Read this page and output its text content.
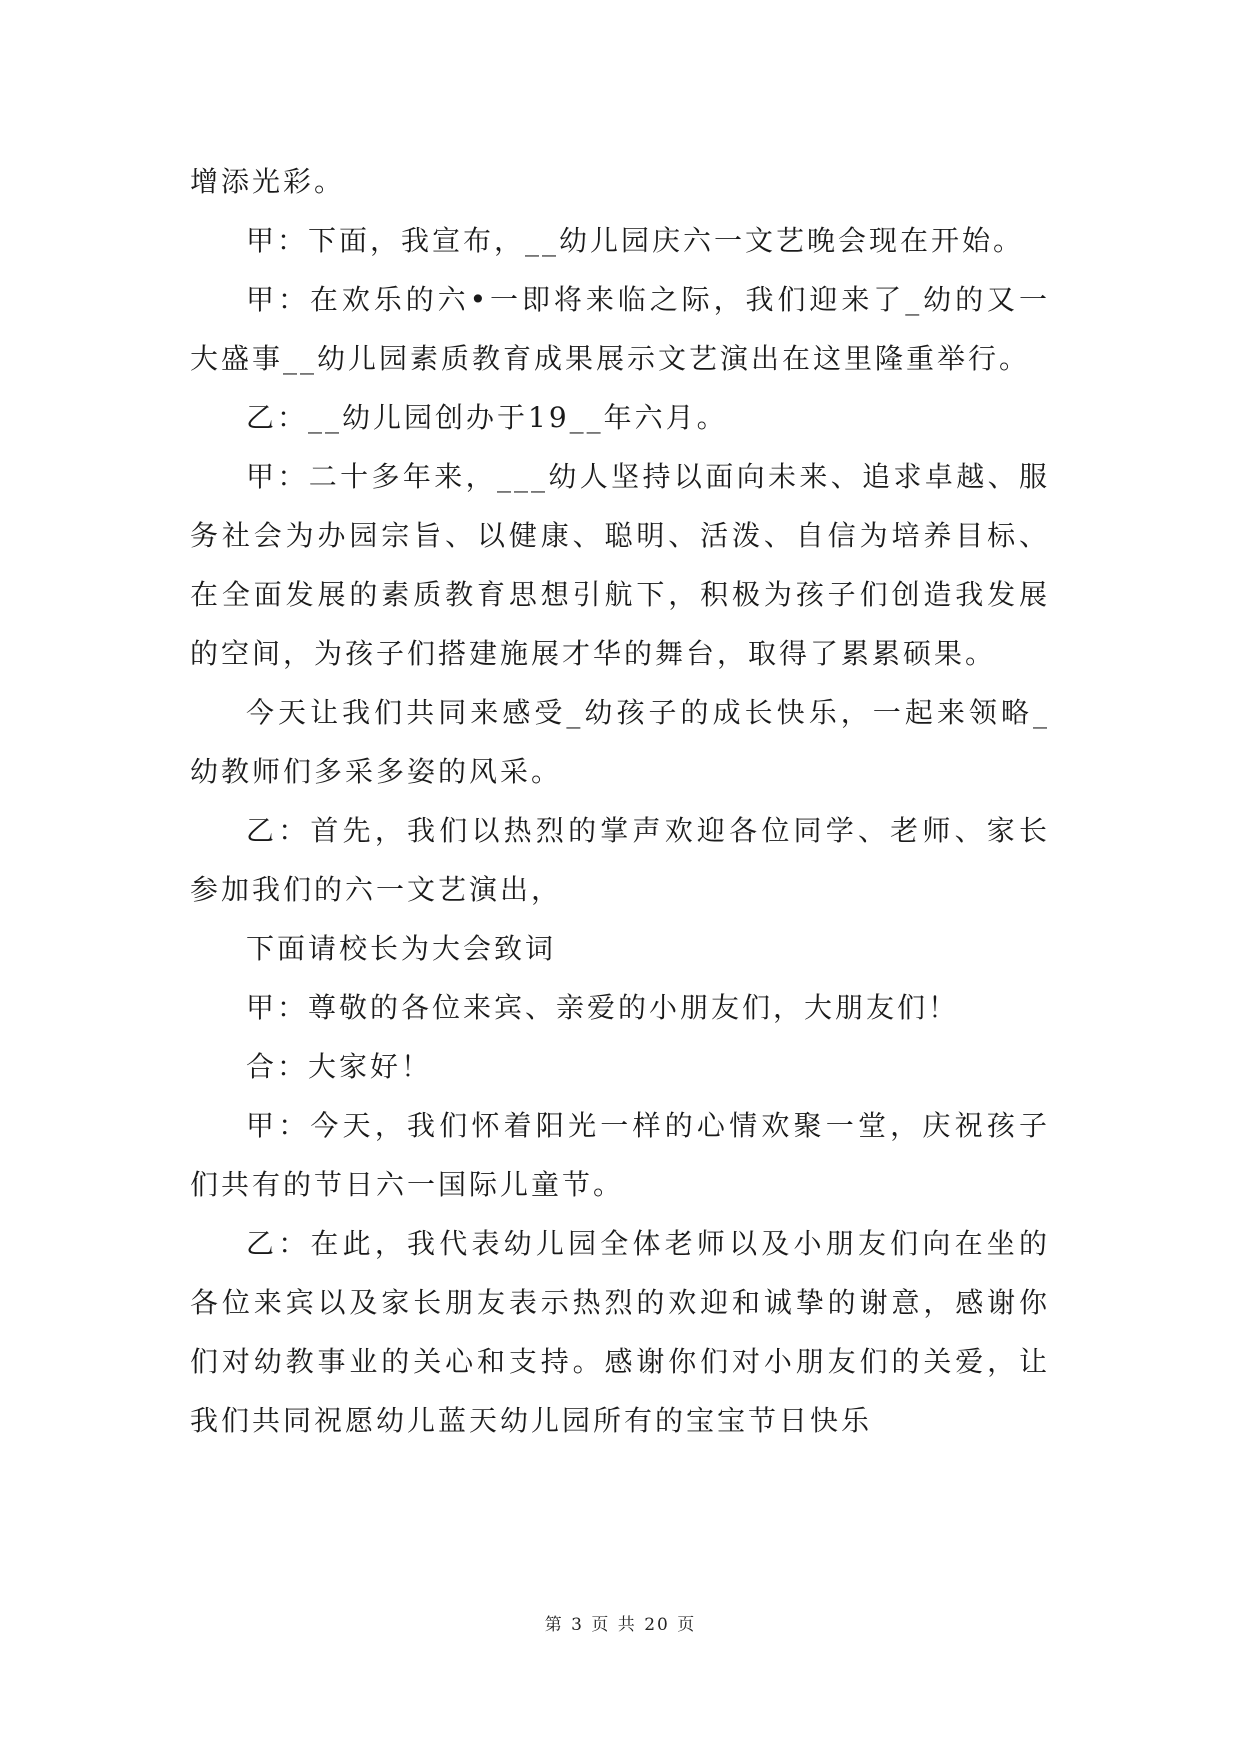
增添光彩。

甲：下面，我宣布，__幼儿园庆六一文艺晚会现在开始。

甲：在欢乐的六•一即将来临之际，我们迎来了_幼的又一大盛事__幼儿园素质教育成果展示文艺演出在这里隆重举行。

乙：__幼儿园创办于19__年六月。

甲：二十多年来，___幼人坚持以面向未来、追求卓越、服务社会为办园宗旨、以健康、聪明、活泼、自信为培养目标、在全面发展的素质教育思想引航下，积极为孩子们创造我发展的空间，为孩子们搭建施展才华的舞台，取得了累累硕果。

今天让我们共同来感受_幼孩子的成长快乐，一起来领略_幼教师们多采多姿的风采。

乙：首先，我们以热烈的掌声欢迎各位同学、老师、家长参加我们的六一文艺演出，

下面请校长为大会致词

甲：尊敬的各位来宾、亲爱的小朋友们，大朋友们！

合：大家好！

甲：今天，我们怀着阳光一样的心情欢聚一堂，庆祝孩子们共有的节日六一国际儿童节。

乙：在此，我代表幼儿园全体老师以及小朋友们向在坐的各位来宾以及家长朋友表示热烈的欢迎和诚挚的谢意，感谢你们对幼教事业的关心和支持。感谢你们对小朋友们的关爱，让我们共同祝愿幼儿蓝天幼儿园所有的宝宝节日快乐

第 3 页 共 20 页
